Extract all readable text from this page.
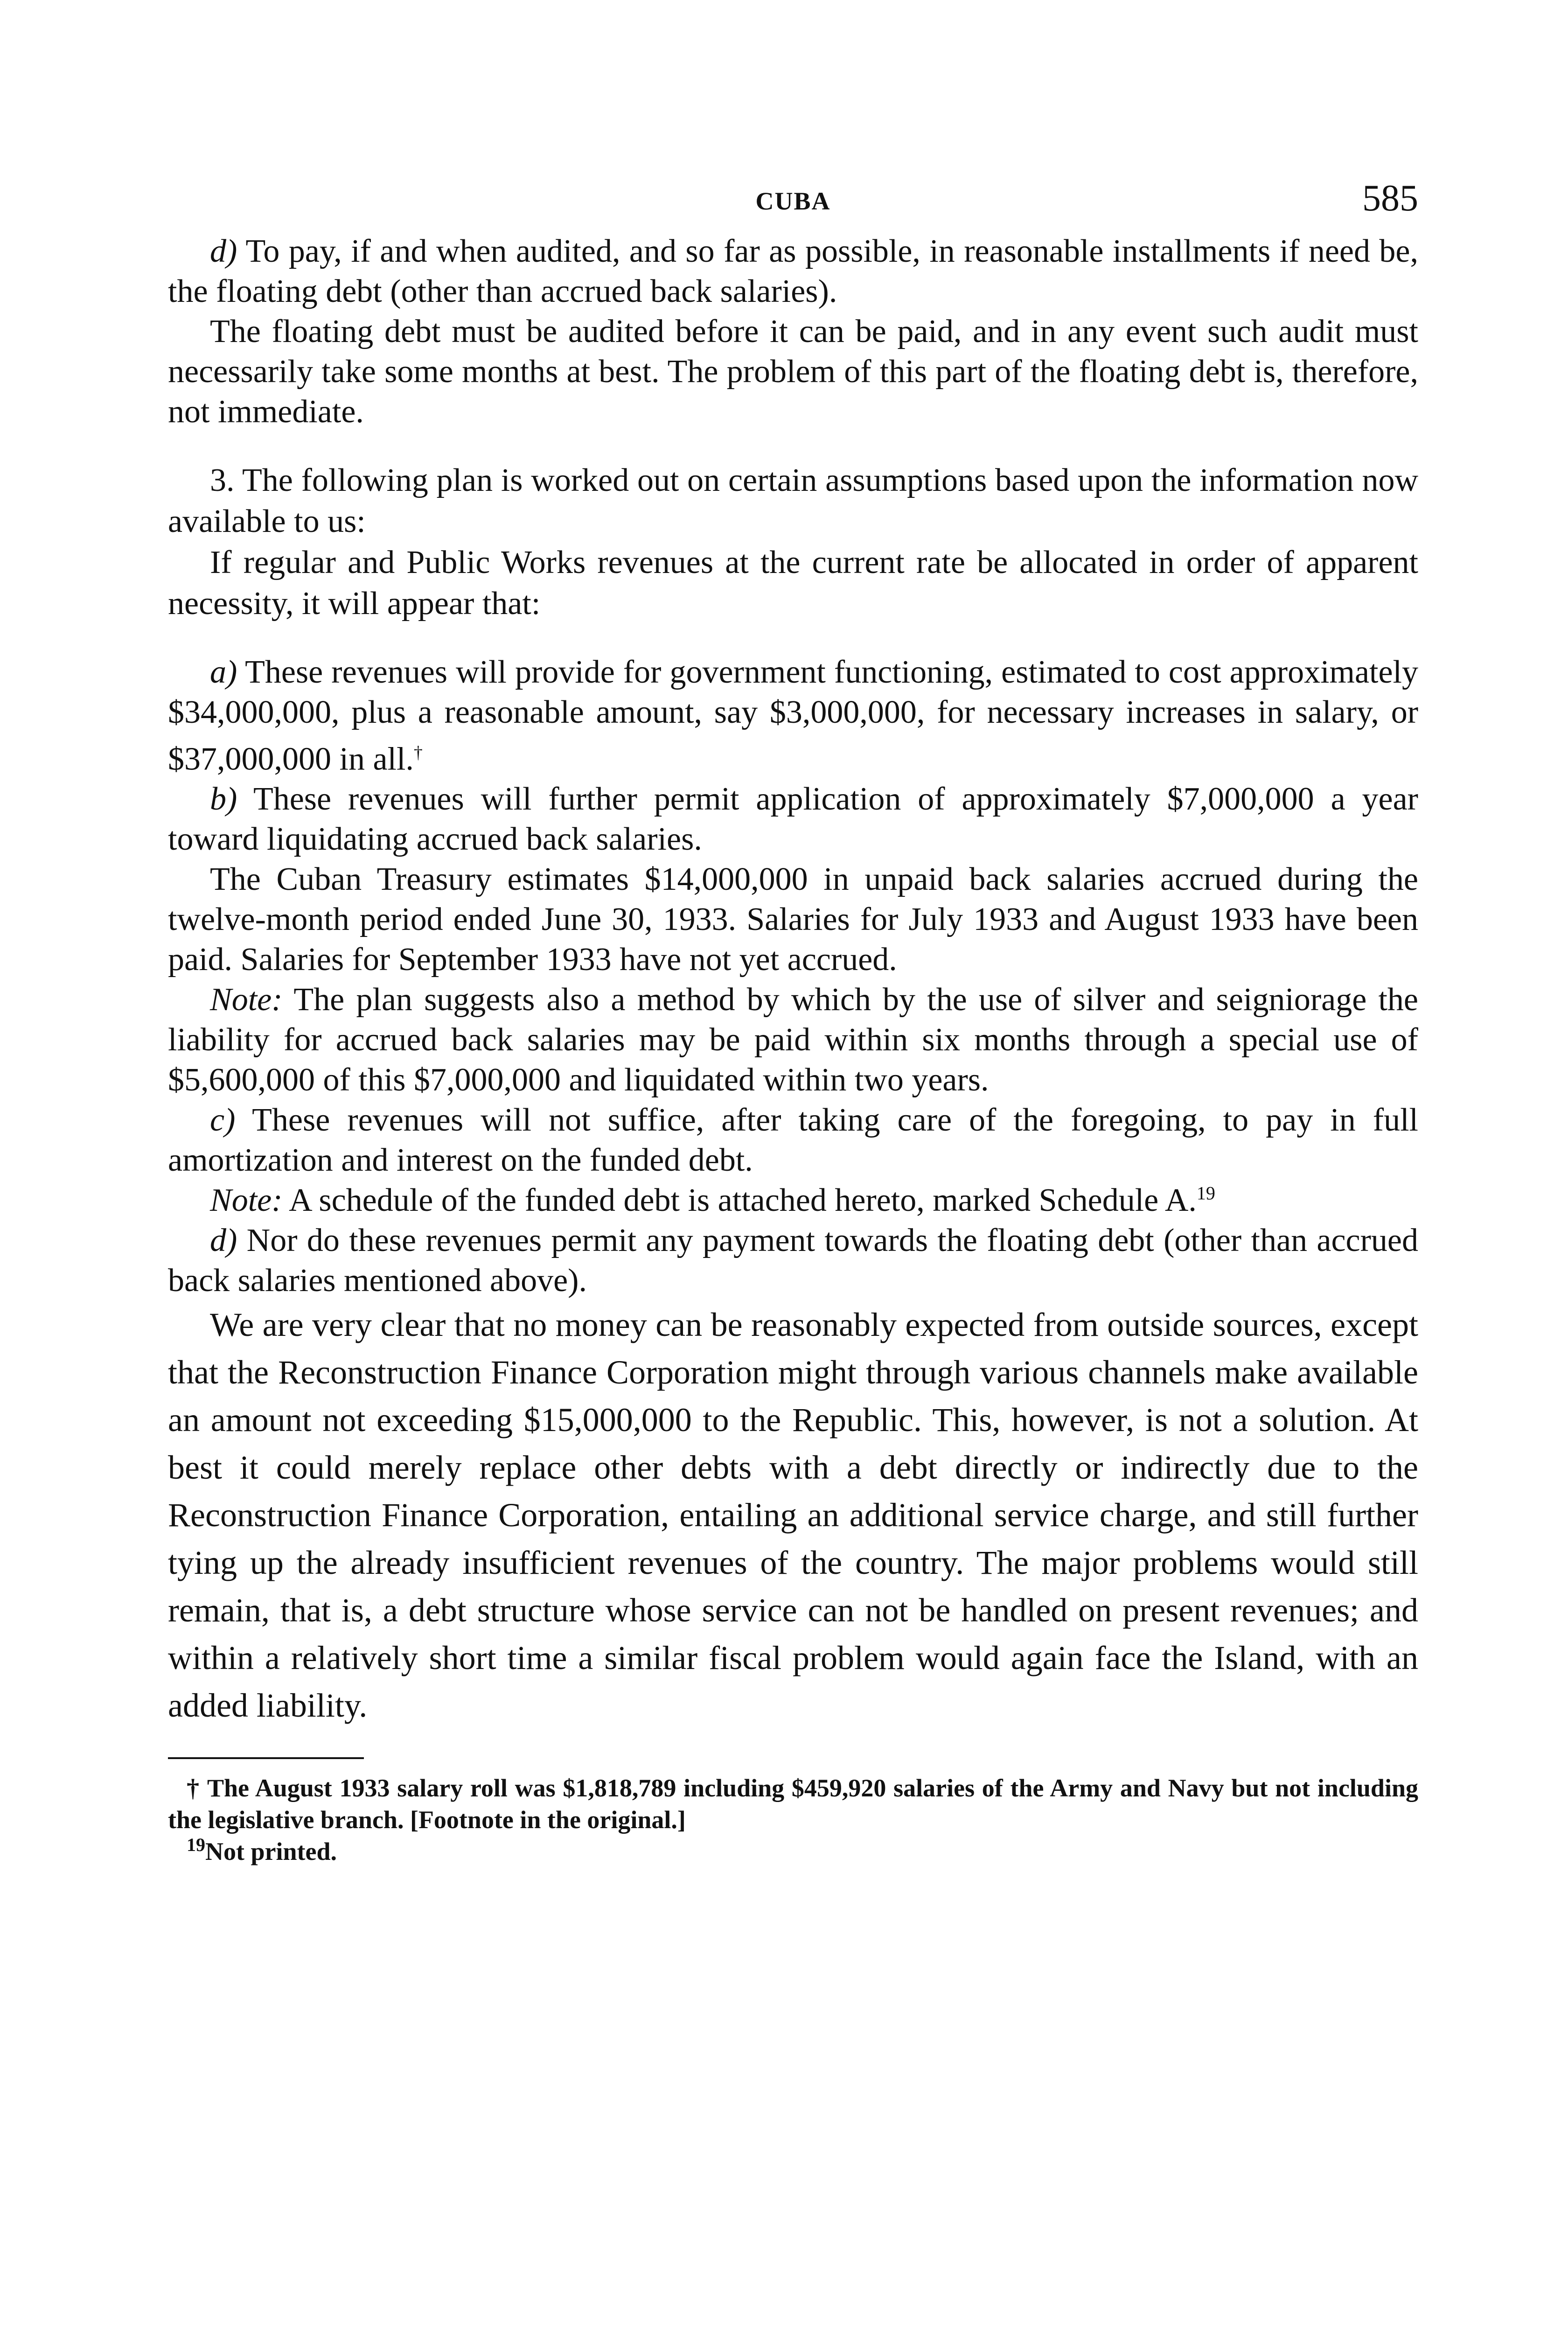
CUBA	585

d) To pay, if and when audited, and so far as possible, in reasonable installments if need be, the floating debt (other than accrued back salaries).

The floating debt must be audited before it can be paid, and in any event such audit must necessarily take some months at best. The problem of this part of the floating debt is, therefore, not immediate.

3. The following plan is worked out on certain assumptions based upon the information now available to us:

If regular and Public Works revenues at the current rate be allocated in order of apparent necessity, it will appear that:

a) These revenues will provide for government functioning, estimated to cost approximately $34,000,000, plus a reasonable amount, say $3,000,000, for necessary increases in salary, or $37,000,000 in all.†

b) These revenues will further permit application of approximately $7,000,000 a year toward liquidating accrued back salaries.

The Cuban Treasury estimates $14,000,000 in unpaid back salaries accrued during the twelve-month period ended June 30, 1933. Salaries for July 1933 and August 1933 have been paid. Salaries for September 1933 have not yet accrued.

Note: The plan suggests also a method by which by the use of silver and seigniorage the liability for accrued back salaries may be paid within six months through a special use of $5,600,000 of this $7,000,000 and liquidated within two years.

c) These revenues will not suffice, after taking care of the foregoing, to pay in full amortization and interest on the funded debt.

Note: A schedule of the funded debt is attached hereto, marked Schedule A.$^{19}$

d) Nor do these revenues permit any payment towards the floating debt (other than accrued back salaries mentioned above).

We are very clear that no money can be reasonably expected from outside sources, except that the Reconstruction Finance Corporation might through various channels make available an amount not exceeding $15,000,000 to the Republic. This, however, is not a solution. At best it could merely replace other debts with a debt directly or indirectly due to the Reconstruction Finance Corporation, entailing an additional service charge, and still further tying up the already insufficient revenues of the country. The major problems would still remain, that is, a debt structure whose service can not be handled on present revenues; and within a relatively short time a similar fiscal problem would again face the Island, with an added liability.

† The August 1933 salary roll was $1,818,789 including $459,920 salaries of the Army and Navy but not including the legislative branch. [Footnote in the original.]

$^{19}$Not printed.
